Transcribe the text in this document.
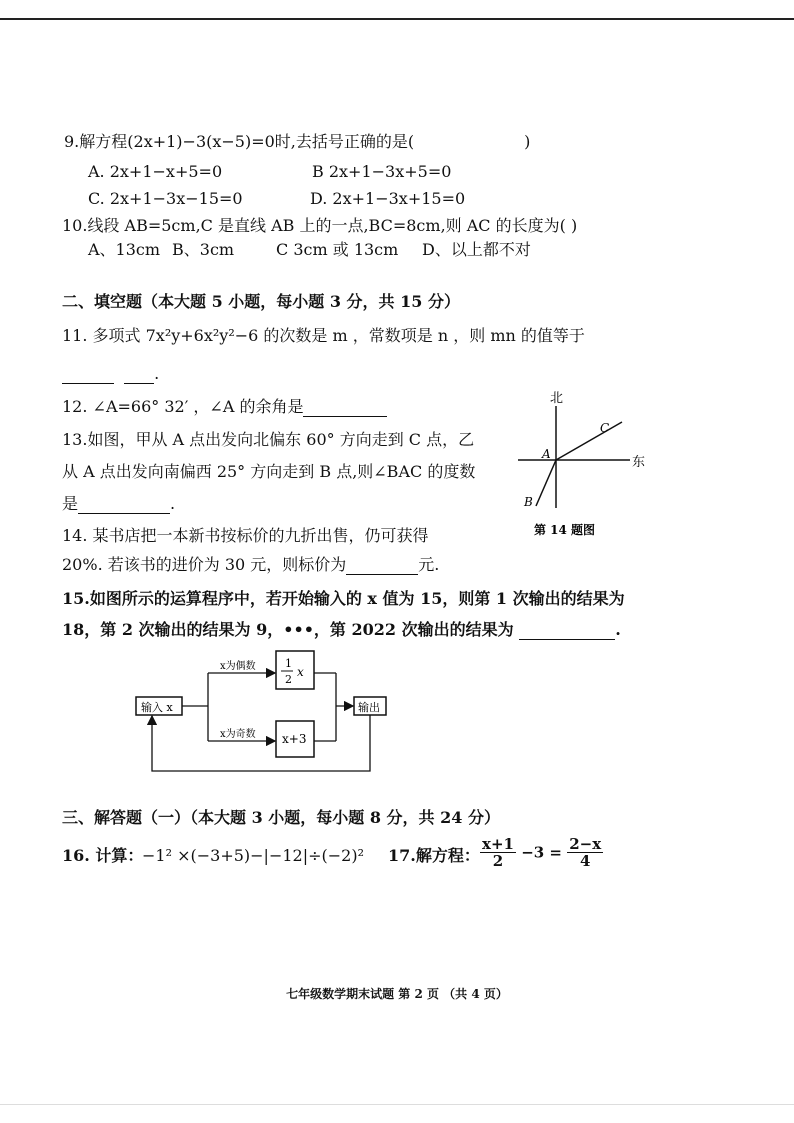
9.解方程(2x+1)−3(x−5)=0时,去括号正确的是(	)
A. 2x+1−x+5=0	B 2x+1−3x+5=0
C. 2x+1−3x−15=0	D. 2x+1−3x+15=0
10.线段 AB=5cm,C 是直线 AB 上的一点,BC=8cm,则 AC 的长度为( )
A、13cm B、3cm	C 3cm 或 13cm D、以上都不对
二、填空题（本大题 5 小题，每小题 3 分，共 15 分）
11. 多项式 7x²y+6x²y²−6 的次数是 m ，常数项是 n ，则 mn 的值等于
.
12. ∠A=66° 32′ ，∠A 的余角是
13.如图，甲从 A 点出发向北偏东 60° 方向走到 C 点，乙
从 A 点出发向南偏西 25° 方向走到 B 点,则∠BAC 的度数
是	.
北
东
A
B
C
第 14 题图
14. 某书店把一本新书按标价的九折出售，仍可获得
20%. 若该书的进价为 30 元，则标价为	元.
15.如图所示的运算程序中，若开始输入的 x 值为 15，则第 1 次输出的结果为
18，第 2 次输出的结果为 9，•••，第 2022 次输出的结果为	.
输入 x	输出
1
2
x
x+3
x为偶数
x为奇数
三、解答题（一）（本大题 3 小题，每小题 8 分，共 24 分）
16. 计算：
−1² ×(−3+5)−|−12|÷(−2)² 17.解方程： $\frac{x+1}{2} -3 = \frac{2-x}{4}$
七年级数学期末试题 第 2 页 （共 4 页）
